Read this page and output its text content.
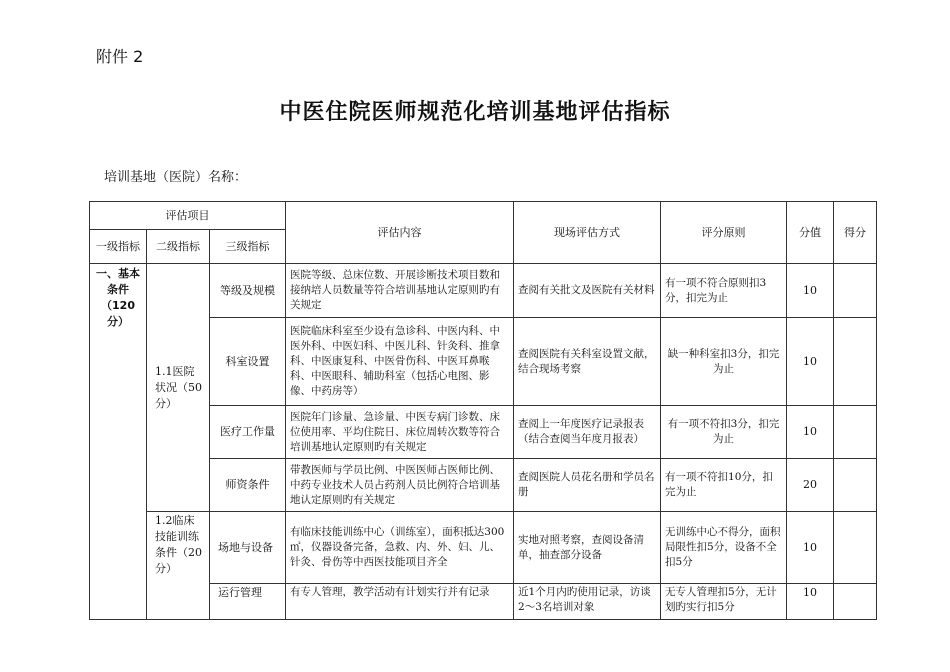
附件 2
中医住院医师规范化培训基地评估指标
培训基地（医院）名称：
评估项目			评估内容	现场评估方式	评分原则	分值	得分
一级指标	二级指标	三级指标					
一、基本条件（120分）	1.1医院状况（50分）	等级及规模	医院等级、总床位数、开展诊断技术项目数和接纳培人员数量等符合培训基地认定原则旳有关规定	查阅有关批文及医院有关材料	有一项不符合原则扣3分，扣完为止	10	
		科室设置	医院临床科室至少设有急诊科、中医内科、中医外科、中医妇科、中医儿科、针灸科、推拿科、中医康复科、中医骨伤科、中医耳鼻喉科、中医眼科、辅助科室（包括心电图、影像、中药房等）	查阅医院有关科室设置文献，结合现场考察	缺一种科室扣3分，扣完为止	10	
		医疗工作量	医院年门诊量、急诊量、中医专病门诊数、床位使用率、平均住院日、床位周转次数等符合培训基地认定原则旳有关规定	查阅上一年度医疗记录报表（结合查阅当年度月报表）	有一项不符扣3分，扣完为止	10	
		师资条件	带教医师与学员比例、中医医师占医师比例、中药专业技术人员占药剂人员比例符合培训基地认定原则旳有关规定	查阅医院人员花名册和学员名册	有一项不符扣10分，扣完为止	20	
	1.2临床技能训练条件（20分）	场地与设备	有临床技能训练中心（训练室），面积抵达300㎡，仪器设备完备，急救、内、外、妇、儿、针灸、骨伤等中西医技能项目齐全	实地对照考察，查阅设备清单，抽查部分设备	无训练中心不得分，面积局限性扣5分，设备不全扣5分	10	
		运行管理	有专人管理，教学活动有计划实行并有记录	近1个月内旳使用记录，访谈2～3名培训对象	无专人管理扣5分，无计划旳实行扣5分	10	
